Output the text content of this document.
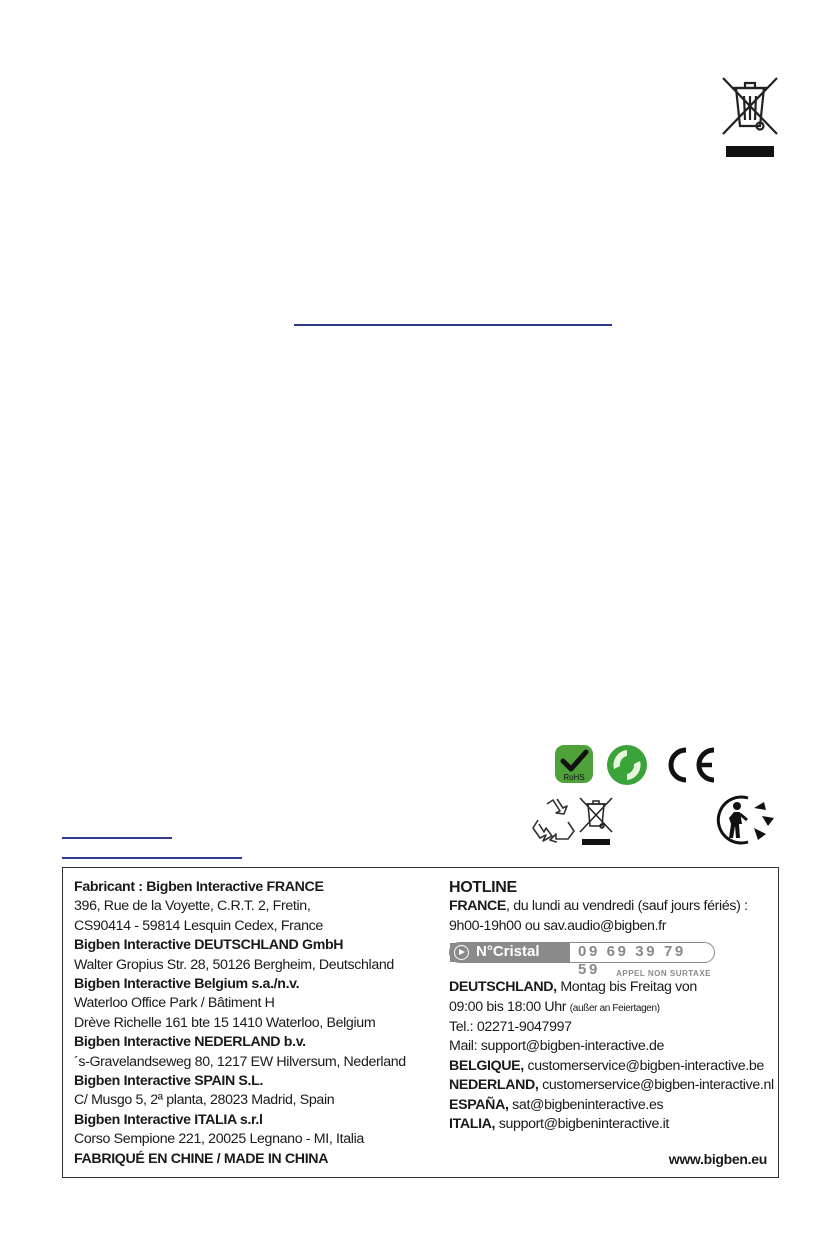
RoHS
Fabricant : Bigben Interactive FRANCE
396, Rue de la Voyette, C.R.T. 2, Fretin,
CS90414 - 59814 Lesquin Cedex, France
Bigben Interactive DEUTSCHLAND GmbH
Walter Gropius Str. 28, 50126 Bergheim, Deutschland
Bigben Interactive Belgium s.a./n.v.
Waterloo Office Park / Bâtiment H
Drève Richelle 161 bte 15 1410 Waterloo, Belgium
Bigben Interactive NEDERLAND b.v.
´s-Gravelandseweg 80, 1217 EW Hilversum, Nederland
Bigben Interactive SPAIN S.L.
C/ Musgo 5, 2ª planta, 28023 Madrid, Spain
Bigben Interactive ITALIA s.r.l
Corso Sempione 221, 20025 Legnano - MI, Italia
FABRIQUÉ EN CHINE / MADE IN CHINA
HOTLINE
FRANCE, du lundi au vendredi (sauf jours fériés) :
9h00-19h00 ou sav.audio@bigben.fr
N°Cristal	09 69 39 79 59	APPEL NON SURTAXE
DEUTSCHLAND, Montag bis Freitag von
09:00 bis 18:00 Uhr (außer an Feiertagen)
Tel.: 02271-9047997
Mail: support@bigben-interactive.de
BELGIQUE, customerservice@bigben-interactive.be
NEDERLAND, customerservice@bigben-interactive.nl
ESPAÑA, sat@bigbeninteractive.es
ITALIA, support@bigbeninteractive.it
www.bigben.eu
